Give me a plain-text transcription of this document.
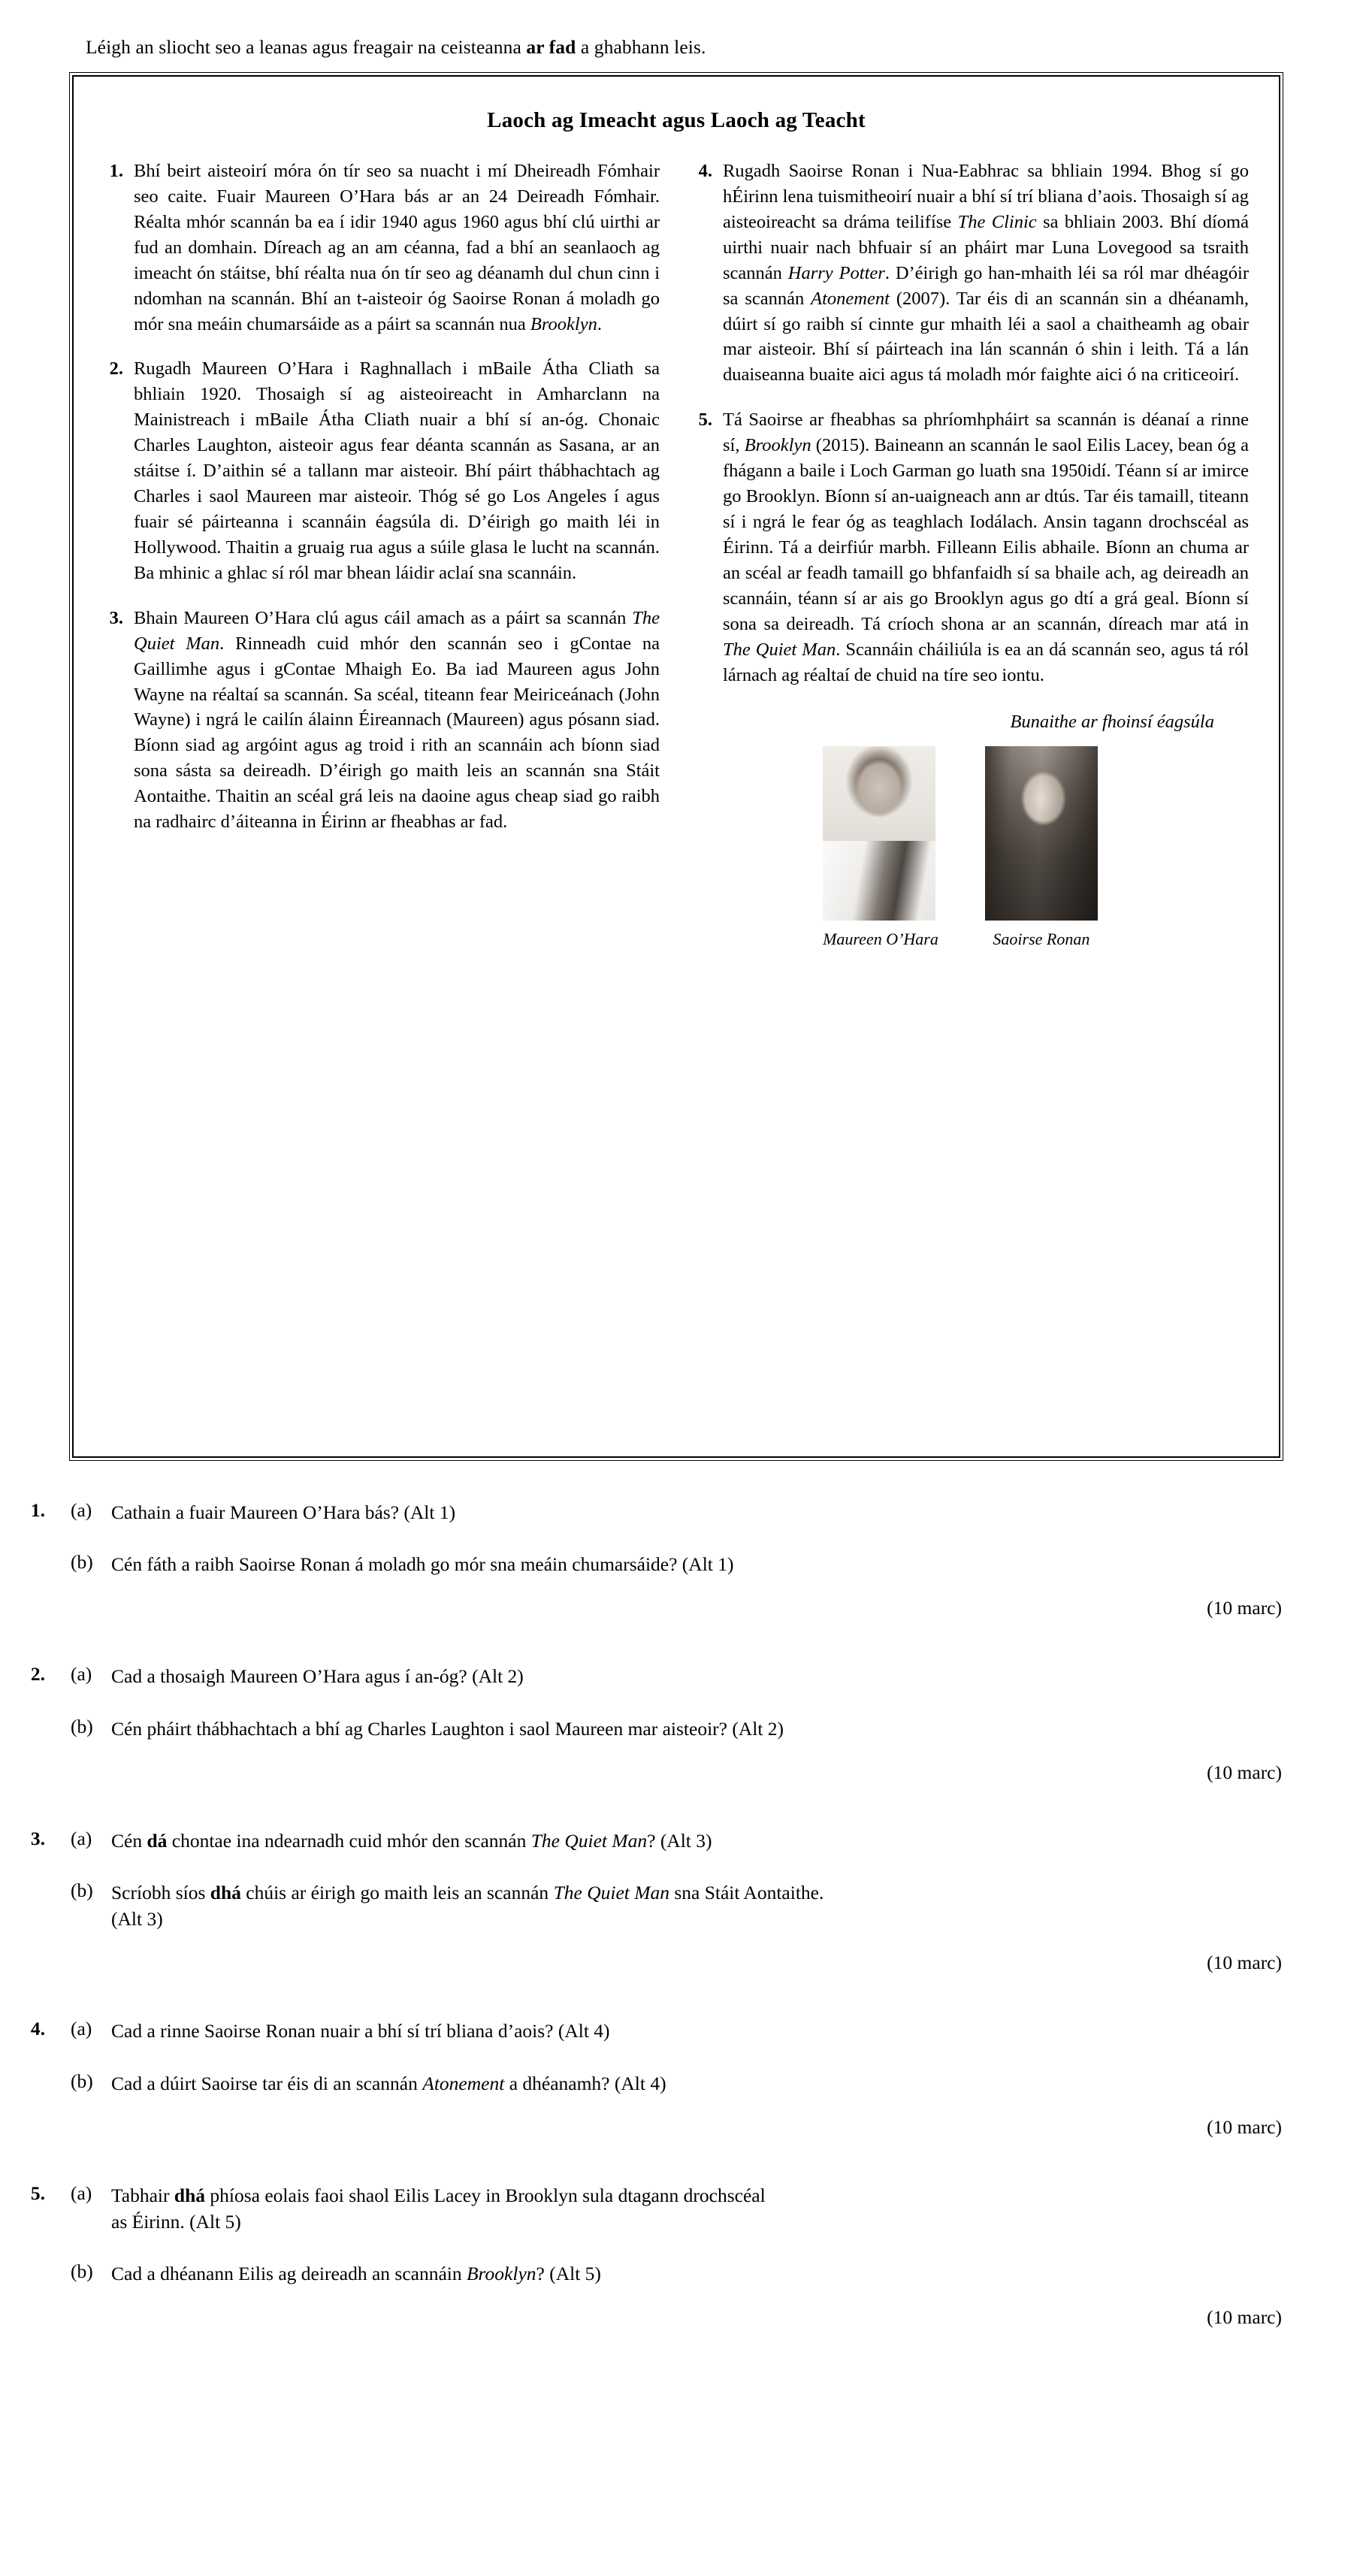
Léigh an sliocht seo a leanas agus freagair na ceisteanna ar fad a ghabhann leis.
Laoch ag Imeacht agus Laoch ag Teacht
1. Bhí beirt aisteoirí móra ón tír seo sa nuacht i mí Dheireadh Fómhair seo caite. Fuair Maureen O’Hara bás ar an 24 Deireadh Fómhair. Réalta mhór scannán ba ea í idir 1940 agus 1960 agus bhí clú uirthi ar fud an domhain. Díreach ag an am céanna, fad a bhí an seanlaoch ag imeacht ón stáitse, bhí réalta nua ón tír seo ag déanamh dul chun cinn i ndomhan na scannán. Bhí an t-aisteoir óg Saoirse Ronan á moladh go mór sna meáin chumarsáide as a páirt sa scannán nua Brooklyn.
2. Rugadh Maureen O’Hara i Raghnallach i mBaile Átha Cliath sa bhliain 1920. Thosaigh sí ag aisteoireacht in Amharclann na Mainistreach i mBaile Átha Cliath nuair a bhí sí an-óg. Chonaic Charles Laughton, aisteoir agus fear déanta scannán as Sasana, ar an stáitse í. D’aithin sé a tallann mar aisteoir. Bhí páirt thábhachtach ag Charles i saol Maureen mar aisteoir. Thóg sé go Los Angeles í agus fuair sé páirteanna i scannáin éagsúla di. D’éirigh go maith léi in Hollywood. Thaitin a gruaig rua agus a súile glasa le lucht na scannán. Ba mhinic a ghlac sí ról mar bhean láidir aclaí sna scannáin.
3. Bhain Maureen O’Hara clú agus cáil amach as a páirt sa scannán The Quiet Man. Rinneadh cuid mhór den scannán seo i gContae na Gaillimhe agus i gContae Mhaigh Eo. Ba iad Maureen agus John Wayne na réaltaí sa scannán. Sa scéal, titeann fear Meiriceánach (John Wayne) i ngrá le cailín álainn Éireannach (Maureen) agus pósann siad. Bíonn siad ag argóint agus ag troid i rith an scannáin ach bíonn siad sona sásta sa deireadh. D’éirigh go maith leis an scannán sna Stáit Aontaithe. Thaitin an scéal grá leis na daoine agus cheap siad go raibh na radhairc d’áiteanna in Éirinn ar fheabhas ar fad.
4. Rugadh Saoirse Ronan i Nua-Eabhrac sa bhliain 1994. Bhog sí go hÉirinn lena tuismitheoirí nuair a bhí sí trí bliana d’aois. Thosaigh sí ag aisteoireacht sa dráma teilifíse The Clinic sa bhliain 2003. Bhí díomá uirthi nuair nach bhfuair sí an pháirt mar Luna Lovegood sa tsraith scannán Harry Potter. D’éirigh go han-mhaith léi sa ról mar dhéagóir sa scannán Atonement (2007). Tar éis di an scannán sin a dhéanamh, dúirt sí go raibh sí cinnte gur mhaith léi a saol a chaitheamh ag obair mar aisteoir. Bhí sí páirteach ina lán scannán ó shin i leith. Tá a lán duaiseanna buaite aici agus tá moladh mór faighte aici ó na criticeoirí.
5. Tá Saoirse ar fheabhas sa phríomhpháirt sa scannán is déanaí a rinne sí, Brooklyn (2015). Baineann an scannán le saol Eilis Lacey, bean óg a fhágann a baile i Loch Garman go luath sna 1950idí. Téann sí ar imirce go Brooklyn. Bíonn sí an-uaigneach ann ar dtús. Tar éis tamaill, titeann sí i ngrá le fear óg as teaghlach Iodálach. Ansin tagann drochscéal as Éirinn. Tá a deirfiúr marbh. Filleann Eilis abhaile. Bíonn an chuma ar an scéal ar feadh tamaill go bhfanfaidh sí sa bhaile ach, ag deireadh an scannáin, téann sí ar ais go Brooklyn agus go dtí a grá geal. Bíonn sí sona sa deireadh. Tá críoch shona ar an scannán, díreach mar atá in The Quiet Man. Scannáin cháiliúla is ea an dá scannán seo, agus tá ról lárnach ag réaltaí de chuid na tíre seo iontu.
Bunaithe ar fhoinsí éagsúla
Maureen O’Hara	Saoirse Ronan
1.	(a)	Cathain a fuair Maureen O’Hara bás? (Alt 1)
(b) Cén fáth a raibh Saoirse Ronan á moladh go mór sna meáin chumarsáide? (Alt 1)
(10 marc)
2.	(a)	Cad a thosaigh Maureen O’Hara agus í an-óg? (Alt 2)
(b) Cén pháirt thábhachtach a bhí ag Charles Laughton i saol Maureen mar aisteoir? (Alt 2)
(10 marc)
3.	(a)	Cén dá chontae ina ndearnadh cuid mhór den scannán The Quiet Man? (Alt 3)
(b) Scríobh síos dhá chúis ar éirigh go maith leis an scannán The Quiet Man sna Stáit Aontaithe.
(Alt 3)
(10 marc)
4.	(a)	Cad a rinne Saoirse Ronan nuair a bhí sí trí bliana d’aois? (Alt 4)
(b) Cad a dúirt Saoirse tar éis di an scannán Atonement a dhéanamh? (Alt 4)
(10 marc)
5.	(a)	Tabhair dhá phíosa eolais faoi shaol Eilis Lacey in Brooklyn sula dtagann drochscéal
as Éirinn. (Alt 5)
(b) Cad a dhéanann Eilis ag deireadh an scannáin Brooklyn? (Alt 5)
(10 marc)
